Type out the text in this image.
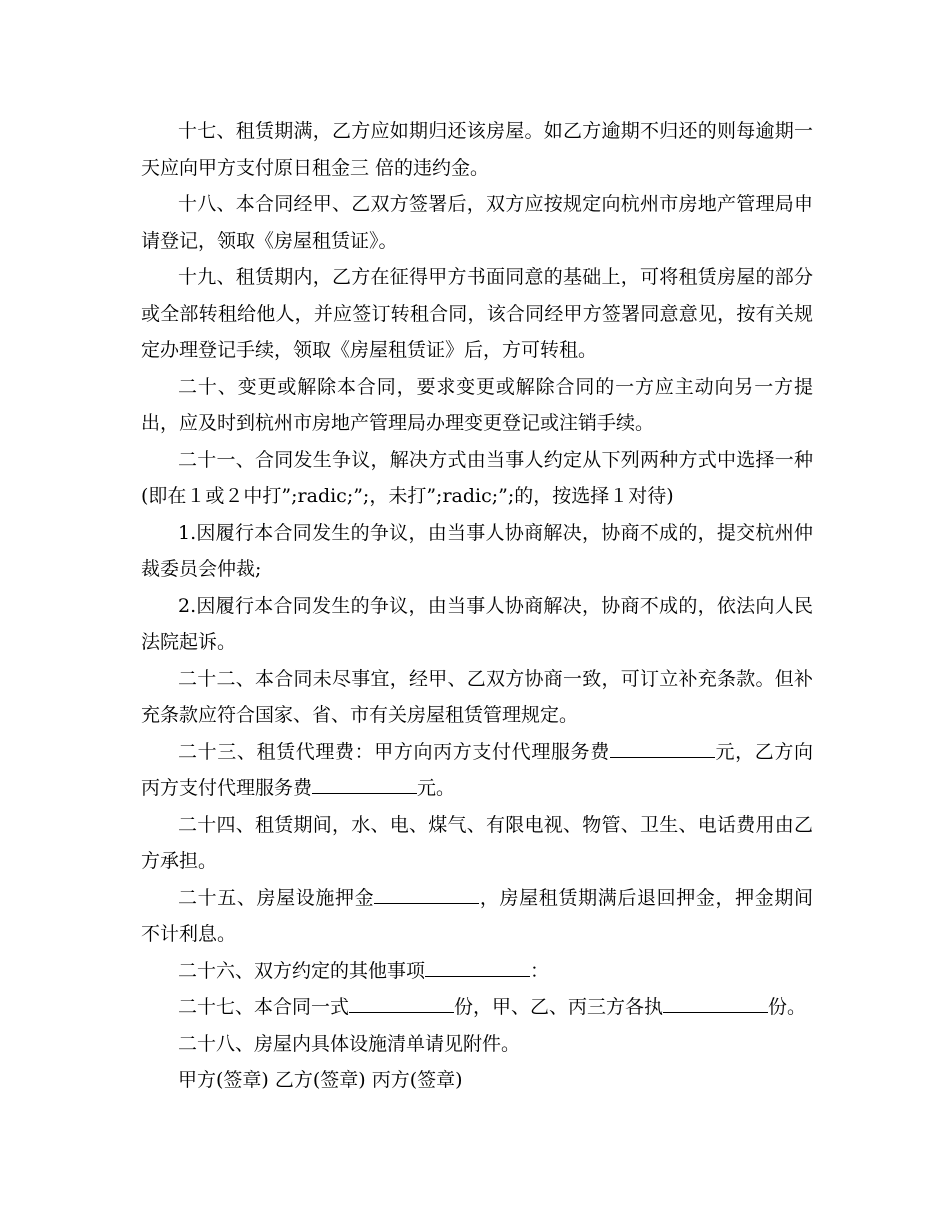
十七、租赁期满，乙方应如期归还该房屋。如乙方逾期不归还的则每逾期一天应向甲方支付原日租金三 倍的违约金。

十八、本合同经甲、乙双方签署后，双方应按规定向杭州市房地产管理局申请登记，领取《房屋租赁证》。

十九、租赁期内，乙方在征得甲方书面同意的基础上，可将租赁房屋的部分或全部转租给他人，并应签订转租合同，该合同经甲方签署同意意见，按有关规定办理登记手续，领取《房屋租赁证》后，方可转租。

二十、变更或解除本合同，要求变更或解除合同的一方应主动向另一方提出，应及时到杭州市房地产管理局办理变更登记或注销手续。

二十一、合同发生争议，解决方式由当事人约定从下列两种方式中选择一种(即在１或２中打”;radic;”;，未打”;radic;”;的，按选择１对待)

1.因履行本合同发生的争议，由当事人协商解决，协商不成的，提交杭州仲裁委员会仲裁;

2.因履行本合同发生的争议，由当事人协商解决，协商不成的，依法向人民法院起诉。

二十二、本合同未尽事宜，经甲、乙双方协商一致，可订立补充条款。但补充条款应符合国家、省、市有关房屋租赁管理规定。

二十三、租赁代理费：甲方向丙方支付代理服务费	元，乙方向丙方支付代理服务费	元。

二十四、租赁期间，水、电、煤气、有限电视、物管、卫生、电话费用由乙方承担。

二十五、房屋设施押金	，房屋租赁期满后退回押金，押金期间不计利息。

二十六、双方约定的其他事项	：

二十七、本合同一式	份，甲、乙、丙三方各执	份。

二十八、房屋内具体设施清单请见附件。

甲方(签章) 乙方(签章) 丙方(签章)
